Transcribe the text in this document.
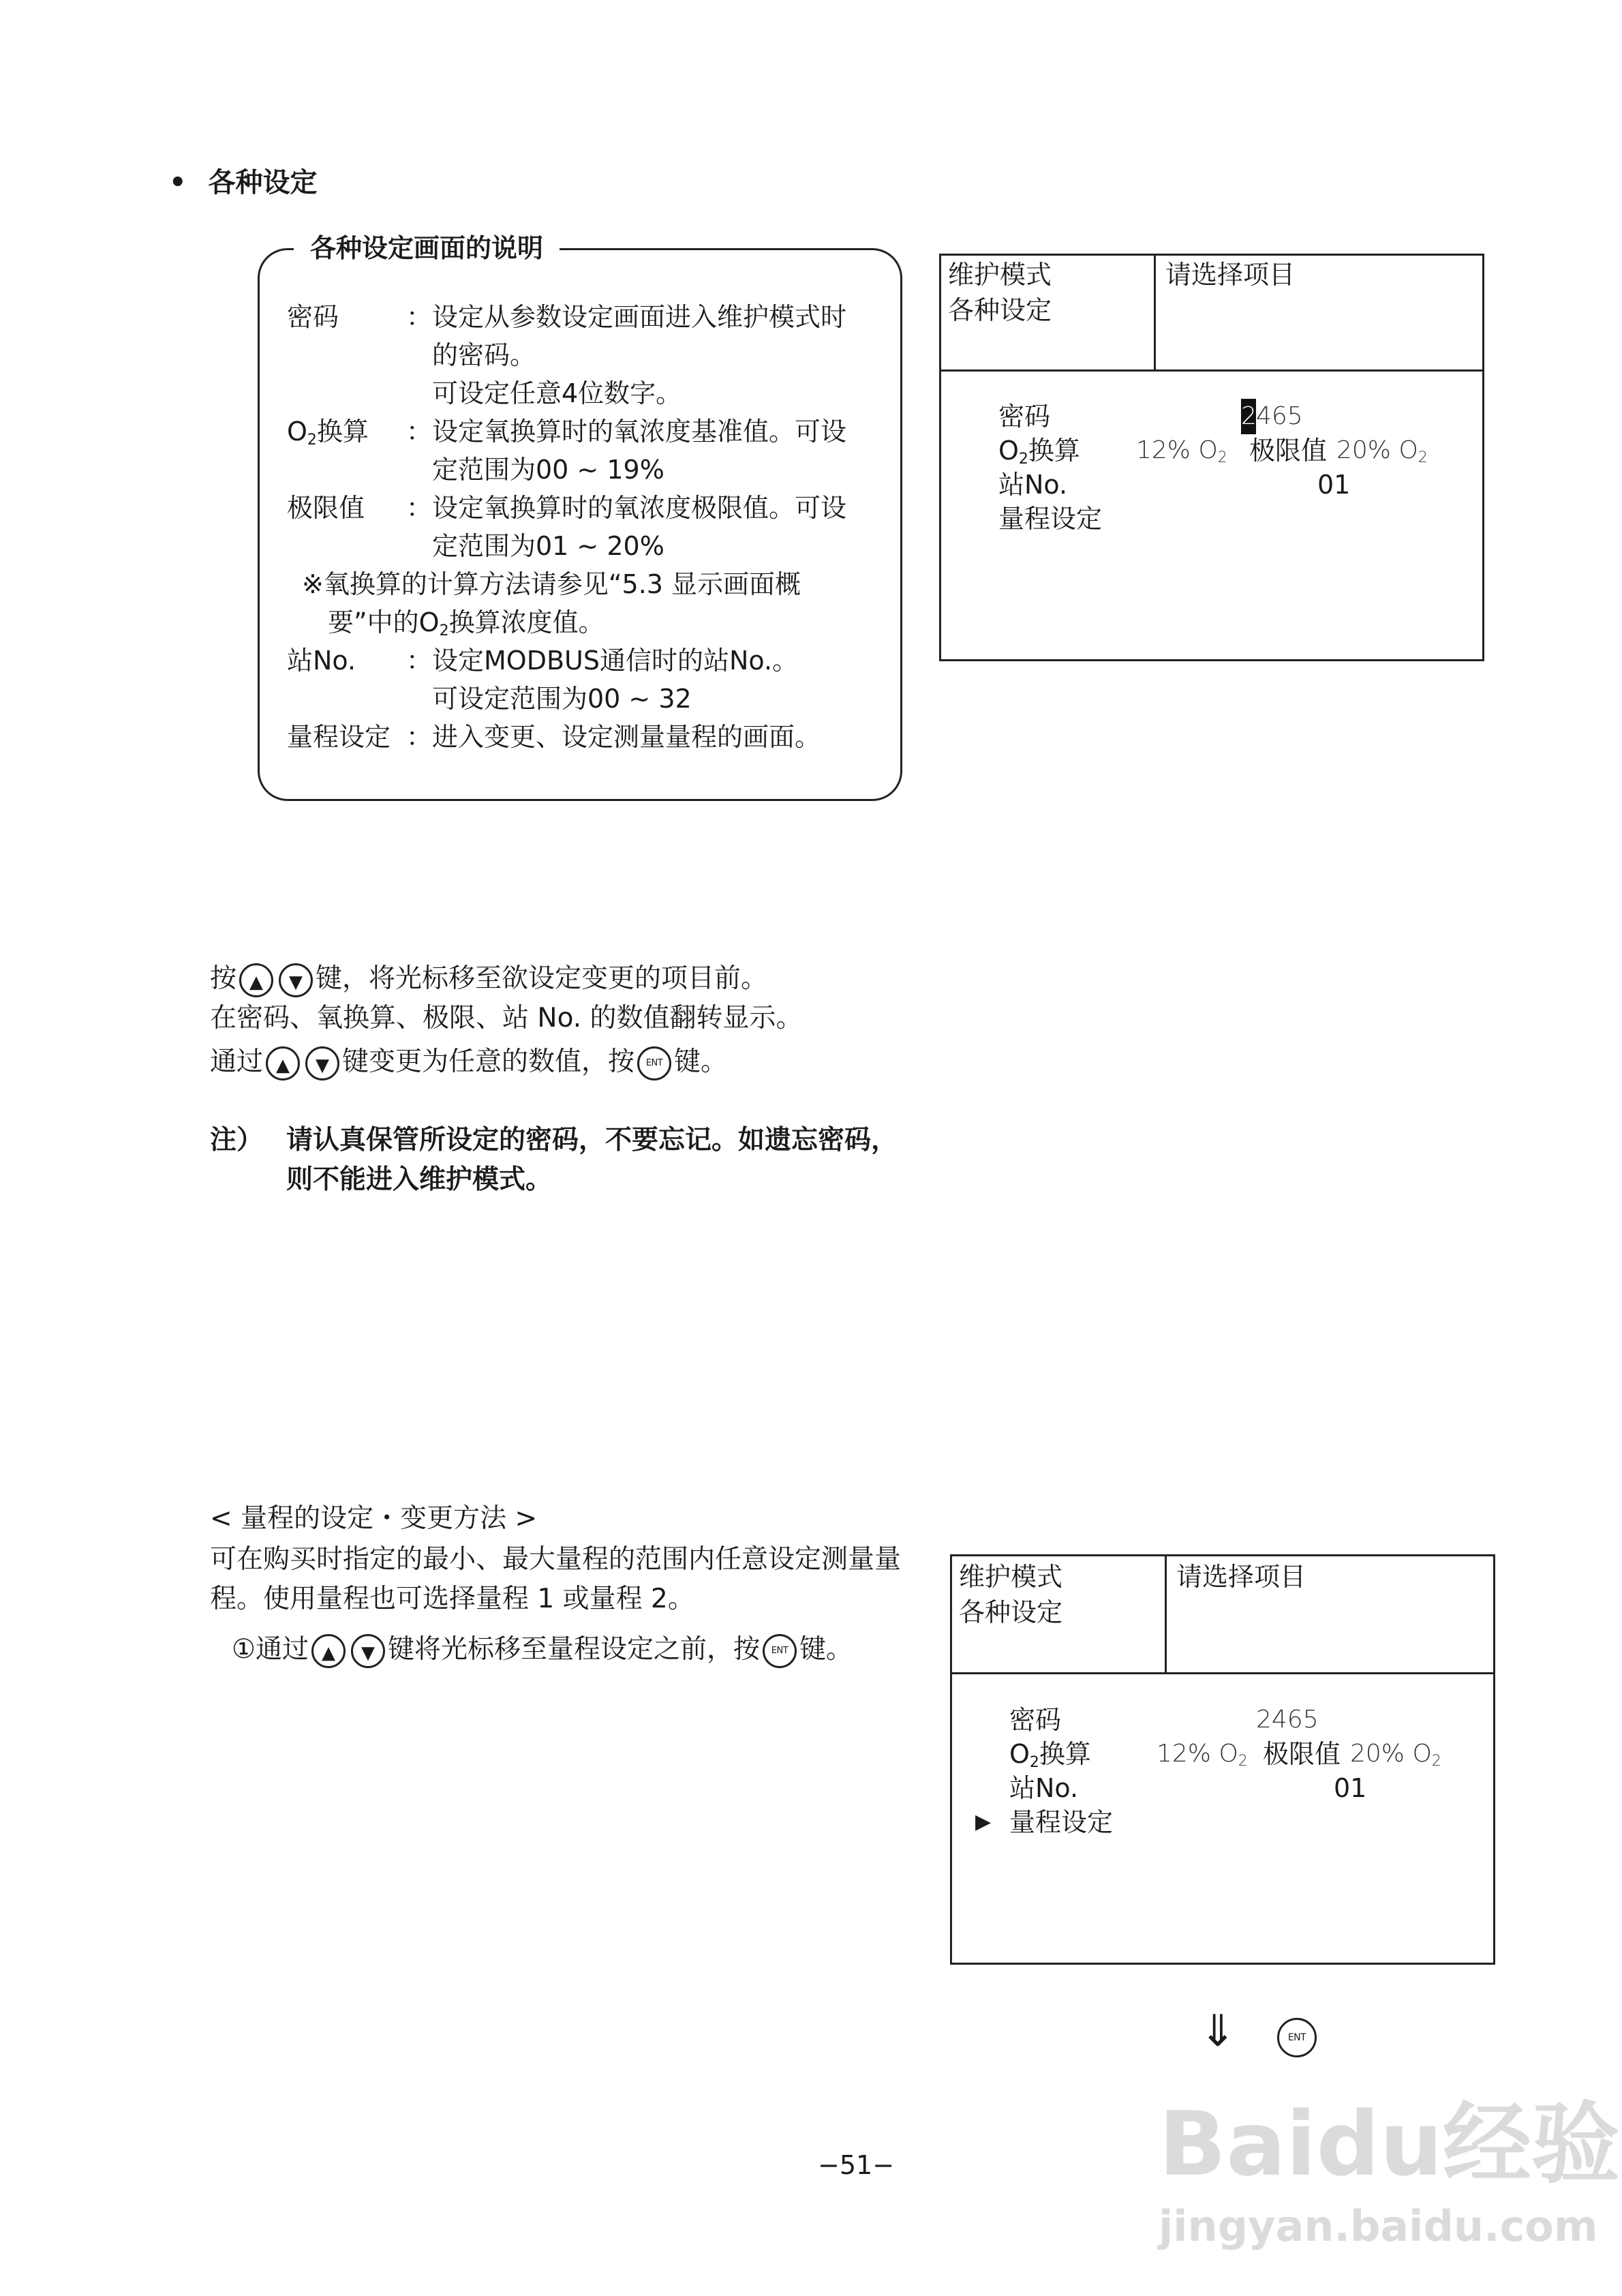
• 各种设定
各种设定画面的说明
密码	：设定从参数设定画面进入维护模式时
　的密码。
　可设定任意4位数字。
$O_2$换算 ：设定氧换算时的氧浓度基准值。可设
　定范围为00 ~ 19%
极限值 ：设定氧换算时的氧浓度极限值。可设
　定范围为01 ~ 20%
※氧换算的计算方法请参见“5.3 显示画面概
要”中的$O_2$换算浓度值。
站No. ：设定MODBUS通信时的站No.。
　可设定范围为00 ~ 32
量程设定 ：进入变更、设定测量量程的画面。
维护模式
各种设定
请选择项目
密码	2465
$O_2$换算 12% $O_2$ 极限值 20% $O_2$
站No.	01
量程设定
按 ▲ ▼ 键，将光标移至欲设定变更的项目前。
在密码、氧换算、极限、站 No. 的数值翻转显示。
通过 ▲ ▼ 键变更为任意的数值，按 ENT 键。
注） 请认真保管所设定的密码，不要忘记。如遗忘密码，
则不能进入维护模式。
< 量程的设定・变更方法 >
可在购买时指定的最小、最大量程的范围内任意设定测量量
程。使用量程也可选择量程 1 或量程 2。
①通过 ▲ ▼ 键将光标移至量程设定之前，按 ENT 键。
维护模式
各种设定
请选择项目
密码	2465
$O_2$换算	12% $O_2$ 极限值 20% $O_2$
站No.	01
▶ 量程设定
⇓	ENT
−51−	Baidu经验
jingyan.baidu.com
